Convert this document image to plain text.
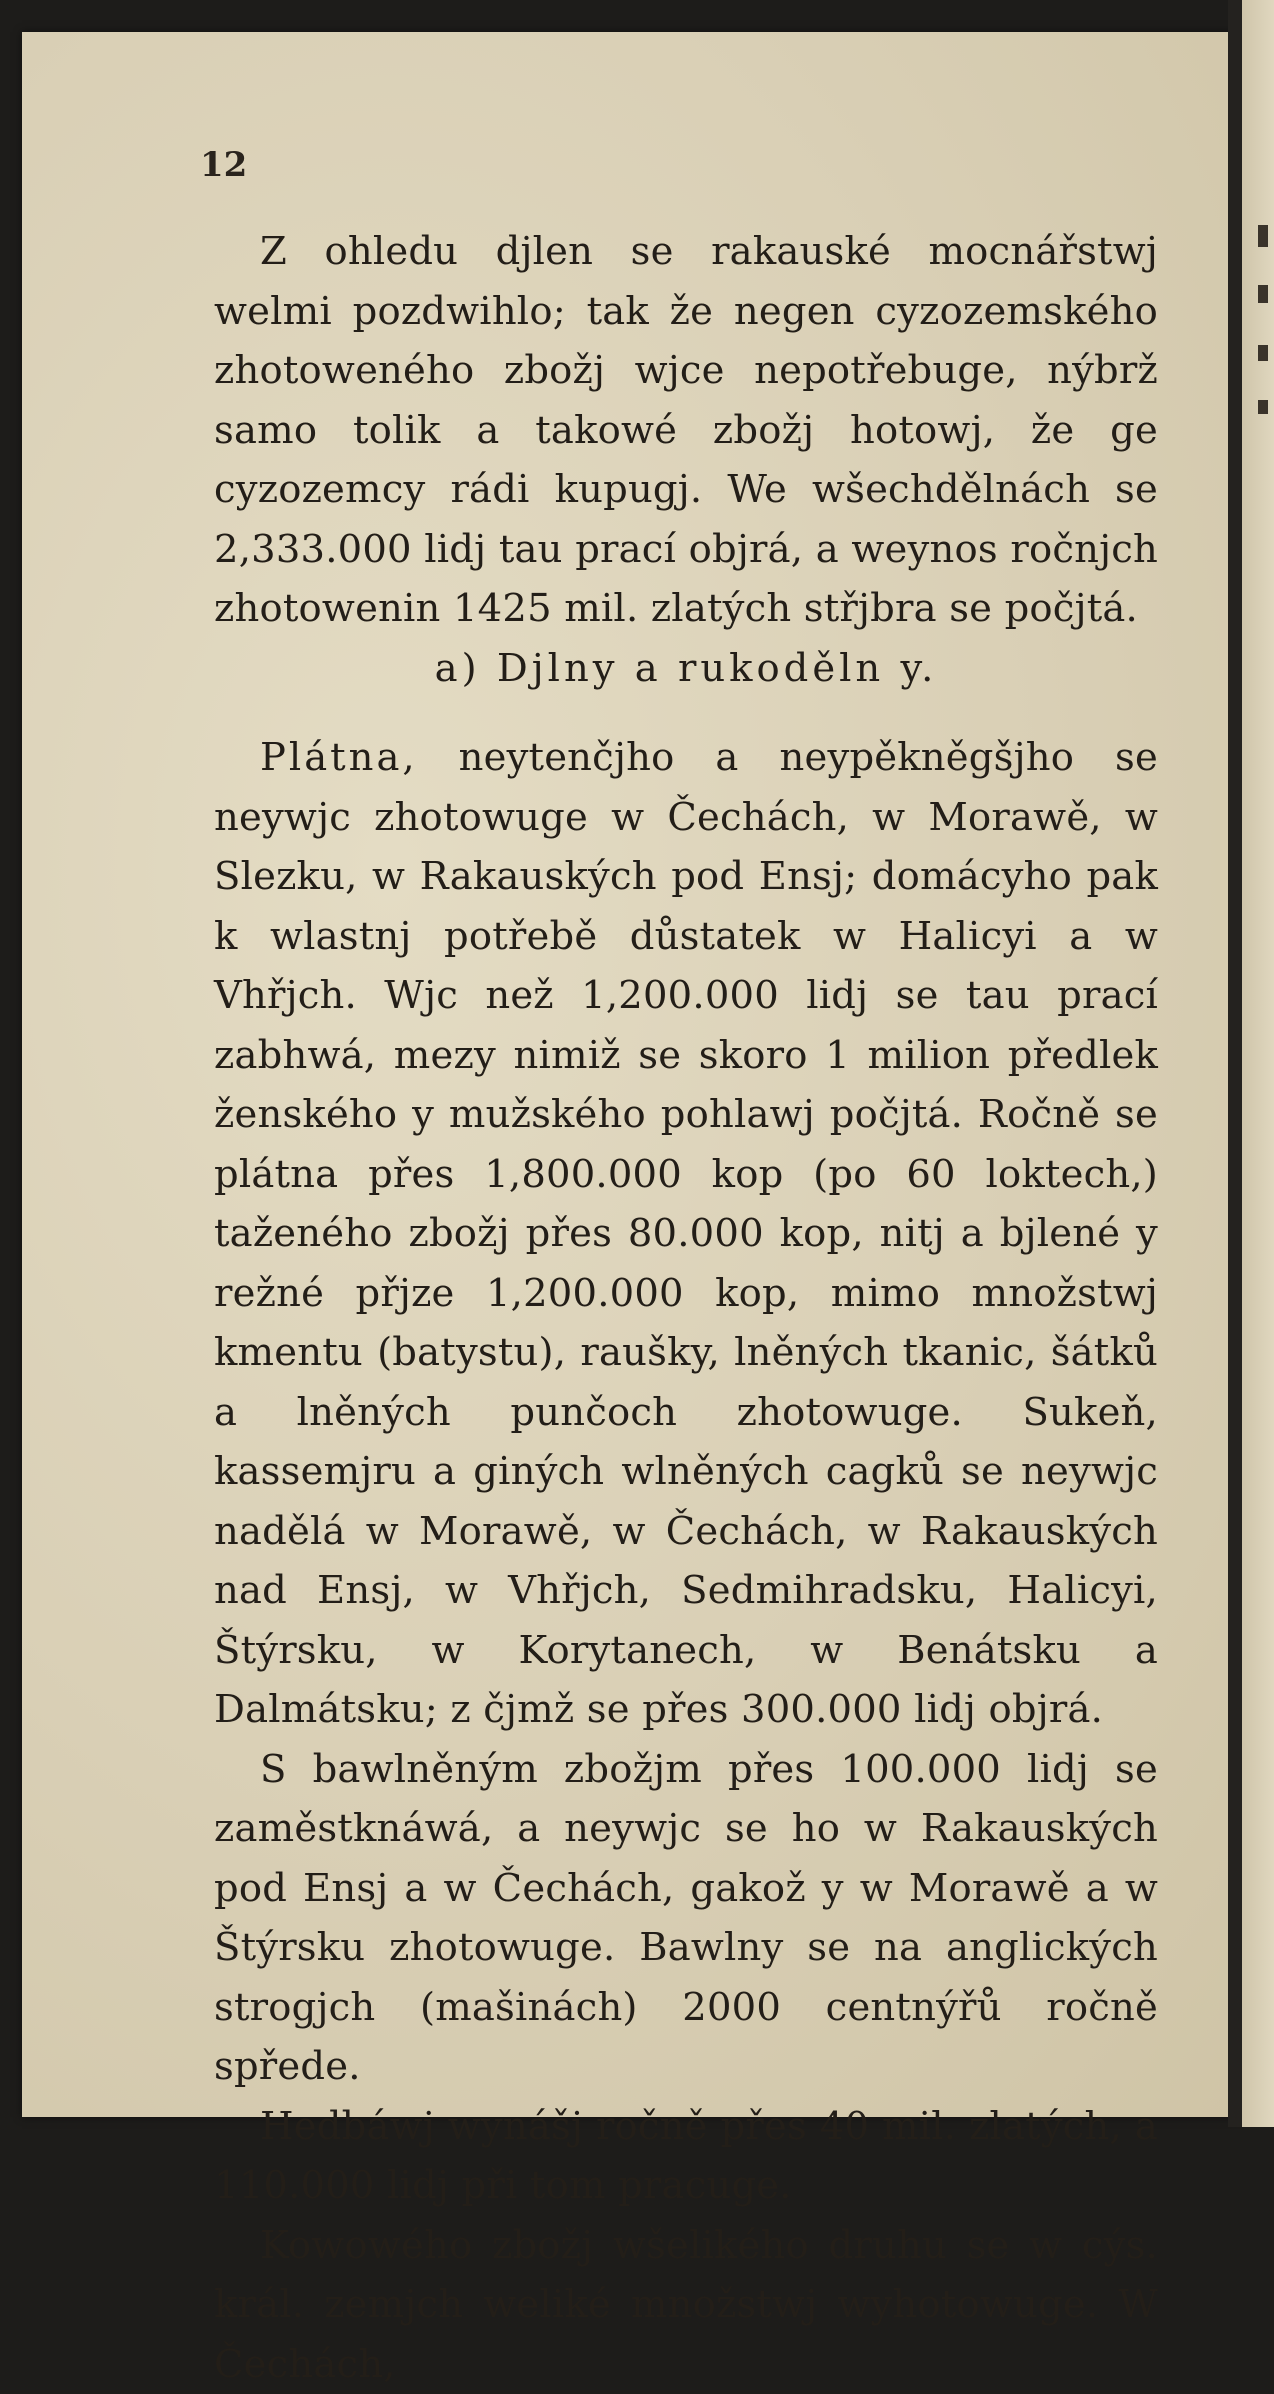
12

Z ohledu djlen se rakauské mocnářstwj welmi pozdwihlo; tak že negen cyzozemského zhotoweného zbožj wjce nepotřebuge, nýbrž samo tolik a takowé zbožj hotowj, že ge cyzozemcy rádi kupugj. We wšechdělnách se 2,333.000 lidj tau prací objrá, a weynos ročnjch zhotowenin 1425 mil. zlatých střjbra se počjtá.

a) Djlny a rukoděln y.

Plátna, neytenčjho a neypěkněgšjho se neywjc zhotowuge w Čechách, w Morawě, w Slezku, w Rakauských pod Ensj; domácyho pak k wlastnj potřebě důstatek w Halicyi a w Vhřjch. Wjc než 1,200.000 lidj se tau prací zabhwá, mezy nimiž se skoro 1 milion předlek ženského y mužského pohlawj počjtá. Ročně se plátna přes 1,800.000 kop (po 60 loktech,) taženého zbožj přes 80.000 kop, nitj a bjlené y režné přjze 1,200.000 kop, mimo množstwj kmentu (batystu), raušky, lněných tkanic, šátků a lněných punčoch zhotowuge. Sukeň, kassemjru a giných wlněných cagků se neywjc nadělá w Morawě, w Čechách, w Rakauských nad Ensj, w Vhřjch, Sedmihradsku, Halicyi, Štýrsku, w Korytanech, w Benátsku a Dalmátsku; z čjmž se přes 300.000 lidj objrá.

S bawlněným zbožjm přes 100.000 lidj se zaměstknáwá, a neywjc se ho w Rakauských pod Ensj a w Čechách, gakož y w Morawě a w Štýrsku zhotowuge. Bawlny se na anglických strogjch (mašinách) 2000 centnýřů ročně spřede.

Hedbáwj wynášj ročně přes 40 mil. zlatých, a 110.000 lidj při tom pracuge.

Kowowého zbožj wšelikého druhu se w cýs. král. zemjch weliké množstwj wyhotowuge. W Čechách,
